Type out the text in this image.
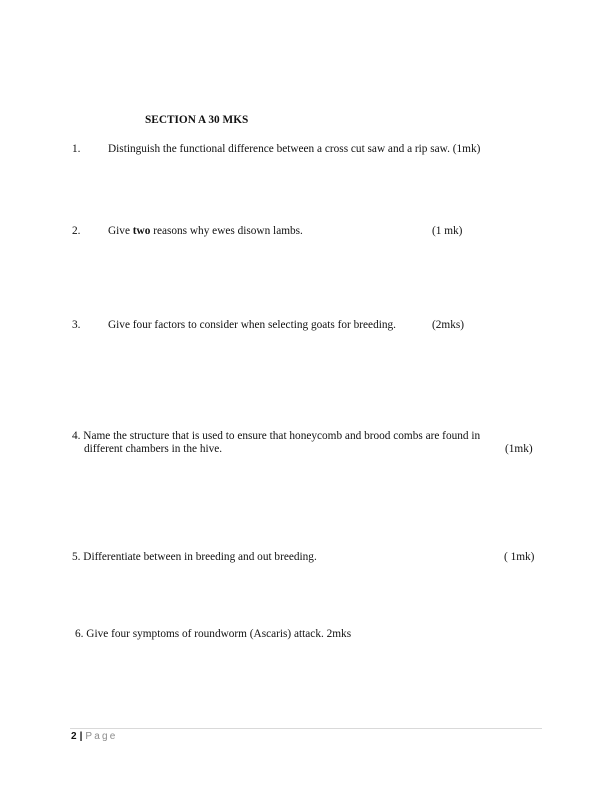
SECTION A 30 MKS
1. Distinguish the functional difference between a cross cut saw and a rip saw. (1mk)
2. Give two reasons why ewes disown lambs.	(1 mk)
3. Give four factors to consider when selecting goats for breeding.	(2mks)
4. Name the structure that is used to ensure that honeycomb and brood combs are found in
different chambers in the hive.	(1mk)
5. Differentiate between in breeding and out breeding.	( 1mk)
6. Give four symptoms of roundworm (Ascaris) attack. 2mks
2 | Page
